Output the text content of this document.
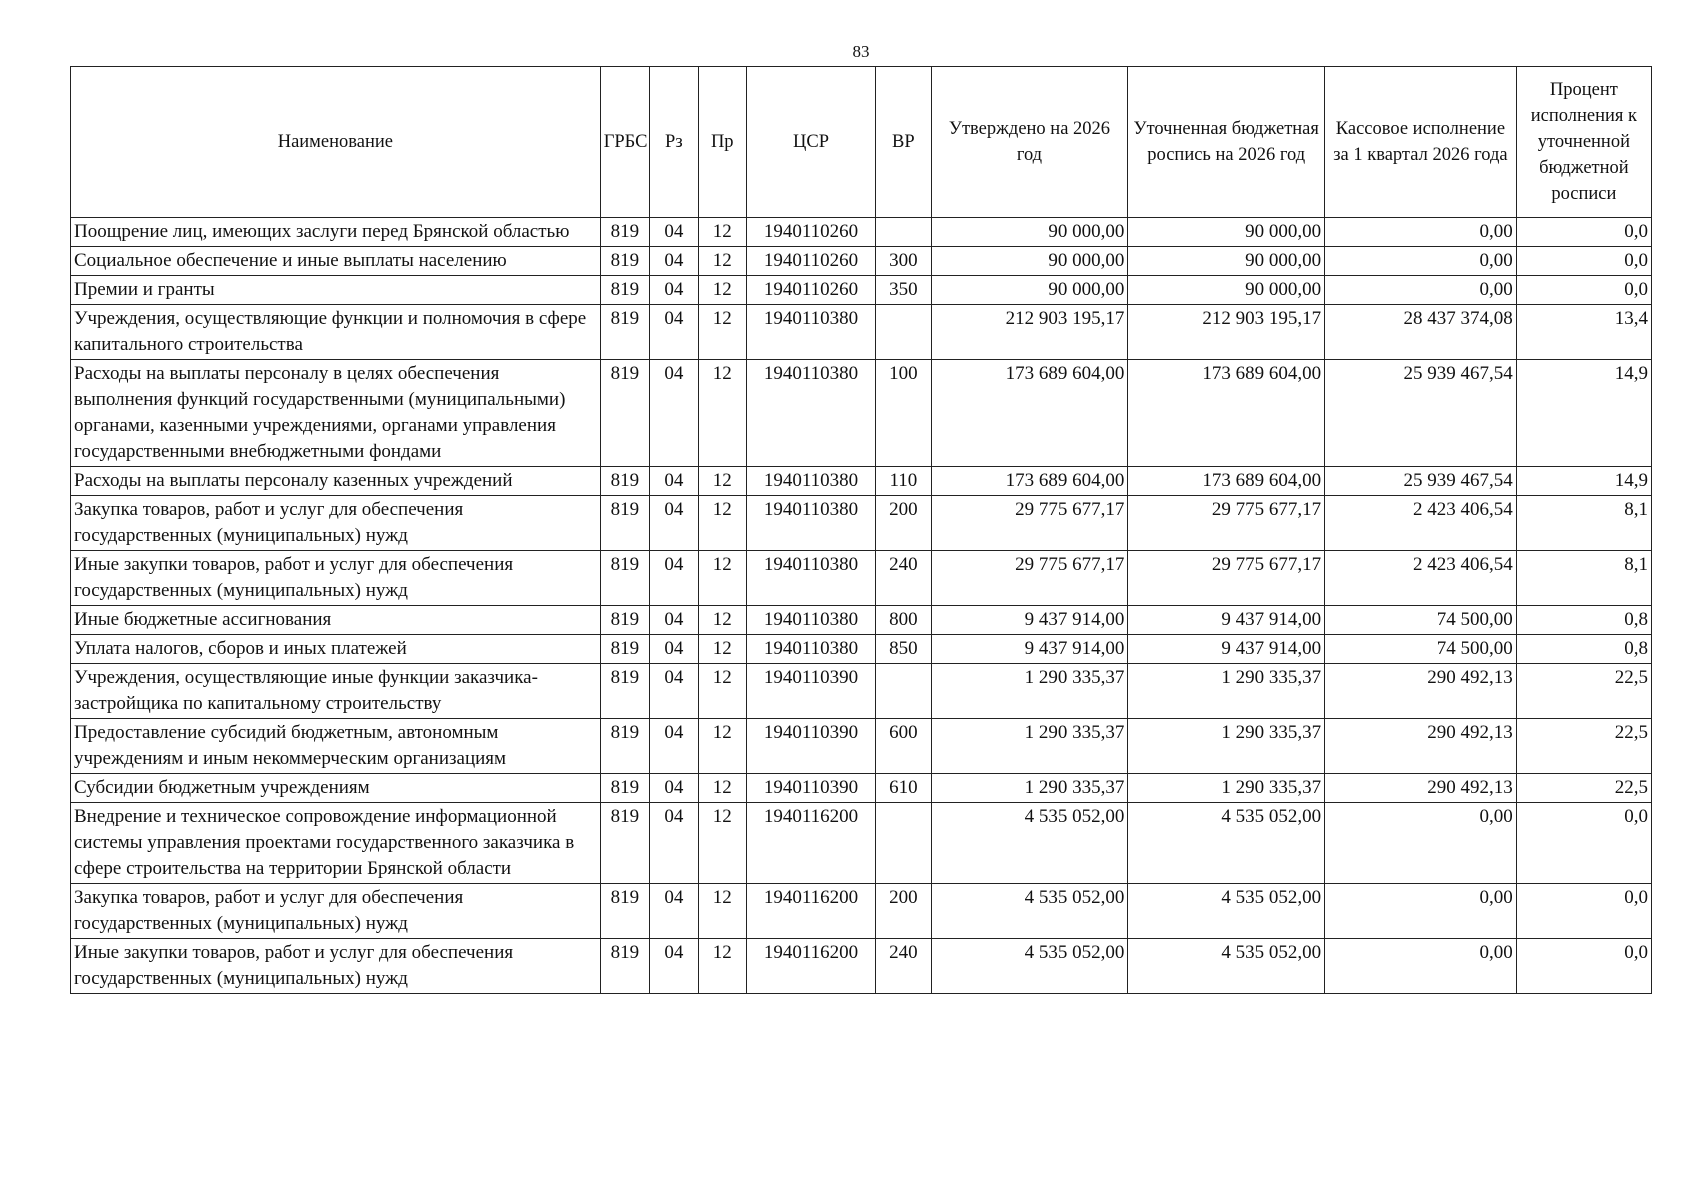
83
Наименование	ГРБС	Рз	Пр	ЦСР	ВР	Утверждено на 2026 год	Уточненная бюджетная роспись на 2026 год	Кассовое исполнение за 1 квартал 2026 года	Процент исполнения к уточненной бюджетной росписи
Поощрение лиц, имеющих заслуги перед Брянской областью	819	04	12	1940110260		90 000,00	90 000,00	0,00	0,0
Социальное обеспечение и иные выплаты населению	819	04	12	1940110260	300	90 000,00	90 000,00	0,00	0,0
Премии и гранты	819	04	12	1940110260	350	90 000,00	90 000,00	0,00	0,0
Учреждения, осуществляющие функции и полномочия в сфере капитального строительства	819	04	12	1940110380		212 903 195,17	212 903 195,17	28 437 374,08	13,4
Расходы на выплаты персоналу в целях обеспечения выполнения функций государственными (муниципальными) органами, казенными учреждениями, органами управления государственными внебюджетными фондами	819	04	12	1940110380	100	173 689 604,00	173 689 604,00	25 939 467,54	14,9
Расходы на выплаты персоналу казенных учреждений	819	04	12	1940110380	110	173 689 604,00	173 689 604,00	25 939 467,54	14,9
Закупка товаров, работ и услуг для обеспечения государственных (муниципальных) нужд	819	04	12	1940110380	200	29 775 677,17	29 775 677,17	2 423 406,54	8,1
Иные закупки товаров, работ и услуг для обеспечения государственных (муниципальных) нужд	819	04	12	1940110380	240	29 775 677,17	29 775 677,17	2 423 406,54	8,1
Иные бюджетные ассигнования	819	04	12	1940110380	800	9 437 914,00	9 437 914,00	74 500,00	0,8
Уплата налогов, сборов и иных платежей	819	04	12	1940110380	850	9 437 914,00	9 437 914,00	74 500,00	0,8
Учреждения, осуществляющие иные функции заказчика-застройщика по капитальному строительству	819	04	12	1940110390		1 290 335,37	1 290 335,37	290 492,13	22,5
Предоставление субсидий бюджетным, автономным учреждениям и иным некоммерческим организациям	819	04	12	1940110390	600	1 290 335,37	1 290 335,37	290 492,13	22,5
Субсидии бюджетным учреждениям	819	04	12	1940110390	610	1 290 335,37	1 290 335,37	290 492,13	22,5
Внедрение и техническое сопровождение информационной системы управления проектами государственного заказчика в сфере строительства на территории Брянской области	819	04	12	1940116200		4 535 052,00	4 535 052,00	0,00	0,0
Закупка товаров, работ и услуг для обеспечения государственных (муниципальных) нужд	819	04	12	1940116200	200	4 535 052,00	4 535 052,00	0,00	0,0
Иные закупки товаров, работ и услуг для обеспечения государственных (муниципальных) нужд	819	04	12	1940116200	240	4 535 052,00	4 535 052,00	0,00	0,0
